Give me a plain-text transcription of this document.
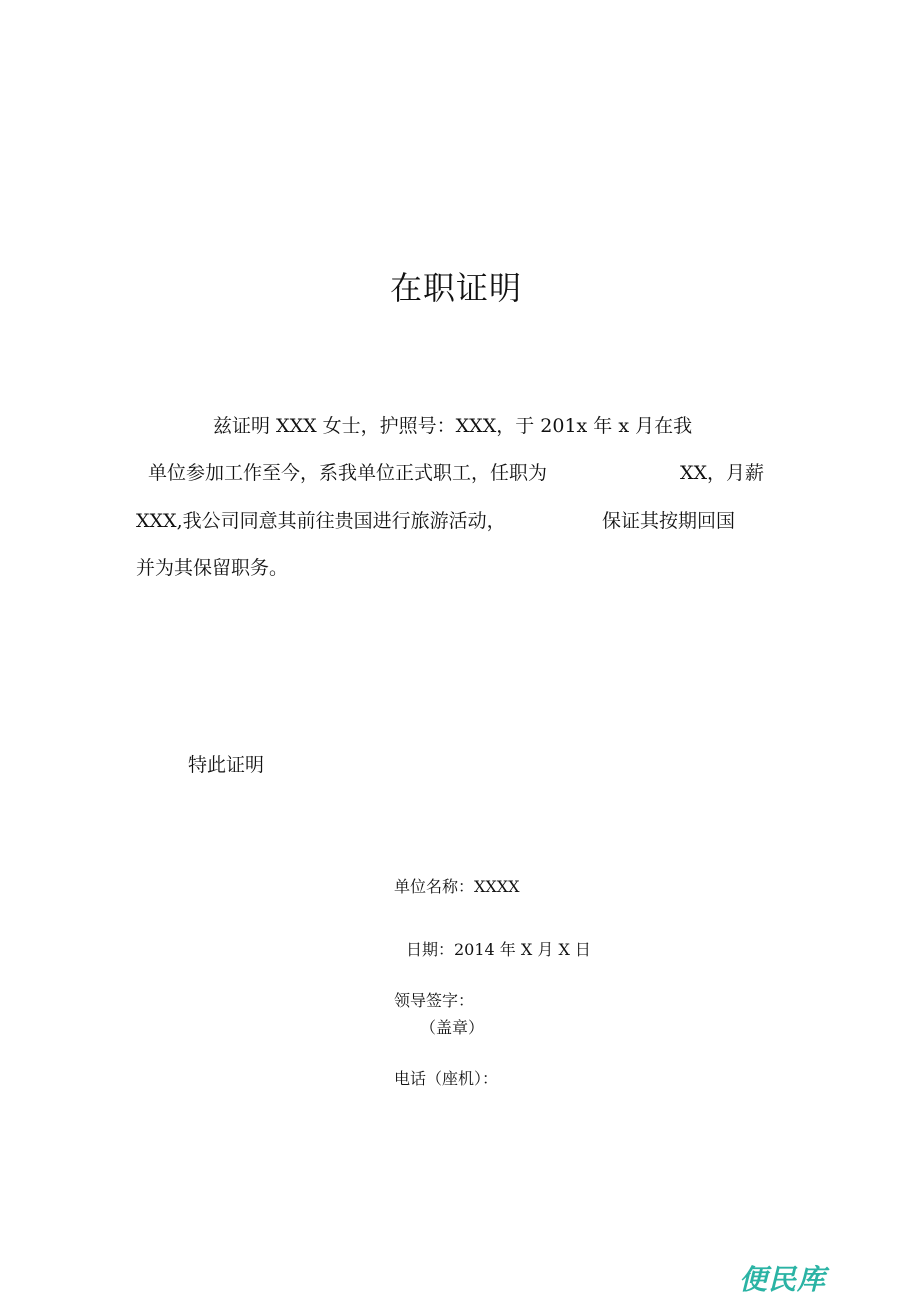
在职证明
兹证明 XXX 女士，护照号：XXX，于 201x 年 x 月在我
单位参加工作至今，系我单位正式职工，任职为	XX，月薪
XXX,我公司同意其前往贵国进行旅游活动，	保证其按期回国
并为其保留职务。
特此证明
单位名称：XXXX
日期：2014 年 X 月 X 日
领导签字：
（盖章）
电话（座机）：
便民库
